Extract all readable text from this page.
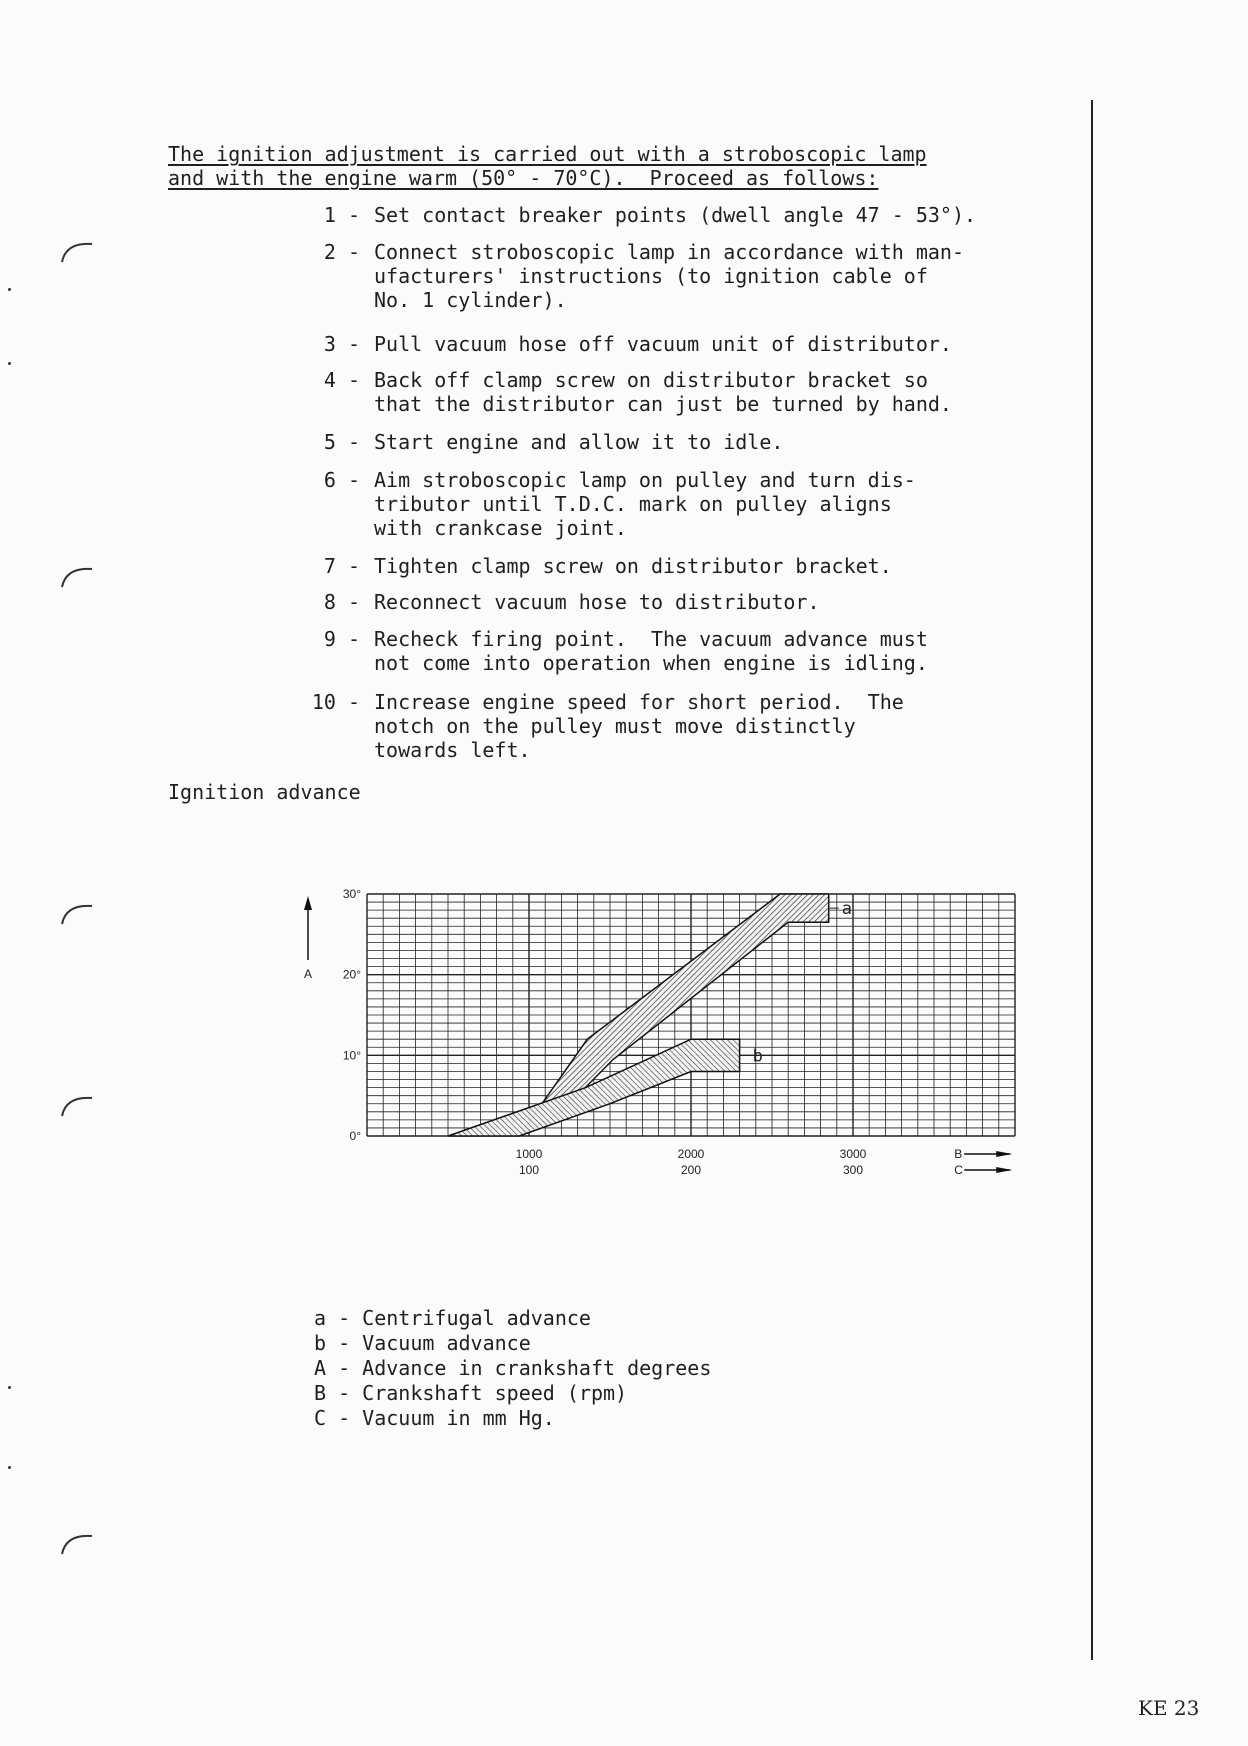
The ignition adjustment is carried out with a stroboscopic lamp
and with the engine warm (50° - 70°C).  Proceed as follows:
1 - Set contact breaker points (dwell angle 47 - 53°).
2 - Connect stroboscopic lamp in accordance with man-
ufacturers' instructions (to ignition cable of
No. 1 cylinder).
3 - Pull vacuum hose off vacuum unit of distributor.
4 - Back off clamp screw on distributor bracket so
that the distributor can just be turned by hand.
5 - Start engine and allow it to idle.
6 - Aim stroboscopic lamp on pulley and turn dis-
tributor until T.D.C. mark on pulley aligns
with crankcase joint.
7 - Tighten clamp screw on distributor bracket.
8 - Reconnect vacuum hose to distributor.
9 - Recheck firing point.  The vacuum advance must
not come into operation when engine is idling.
10 - Increase engine speed for short period.  The
notch on the pulley must move distinctly
towards left.
Ignition advance
a
b
0°
10°
20°
30°
A
1000	2000	3000
100	200	300
B
C
a - Centrifugal advance
b - Vacuum advance
A - Advance in crankshaft degrees
B - Crankshaft speed (rpm)
C - Vacuum in mm Hg.
KE 23
